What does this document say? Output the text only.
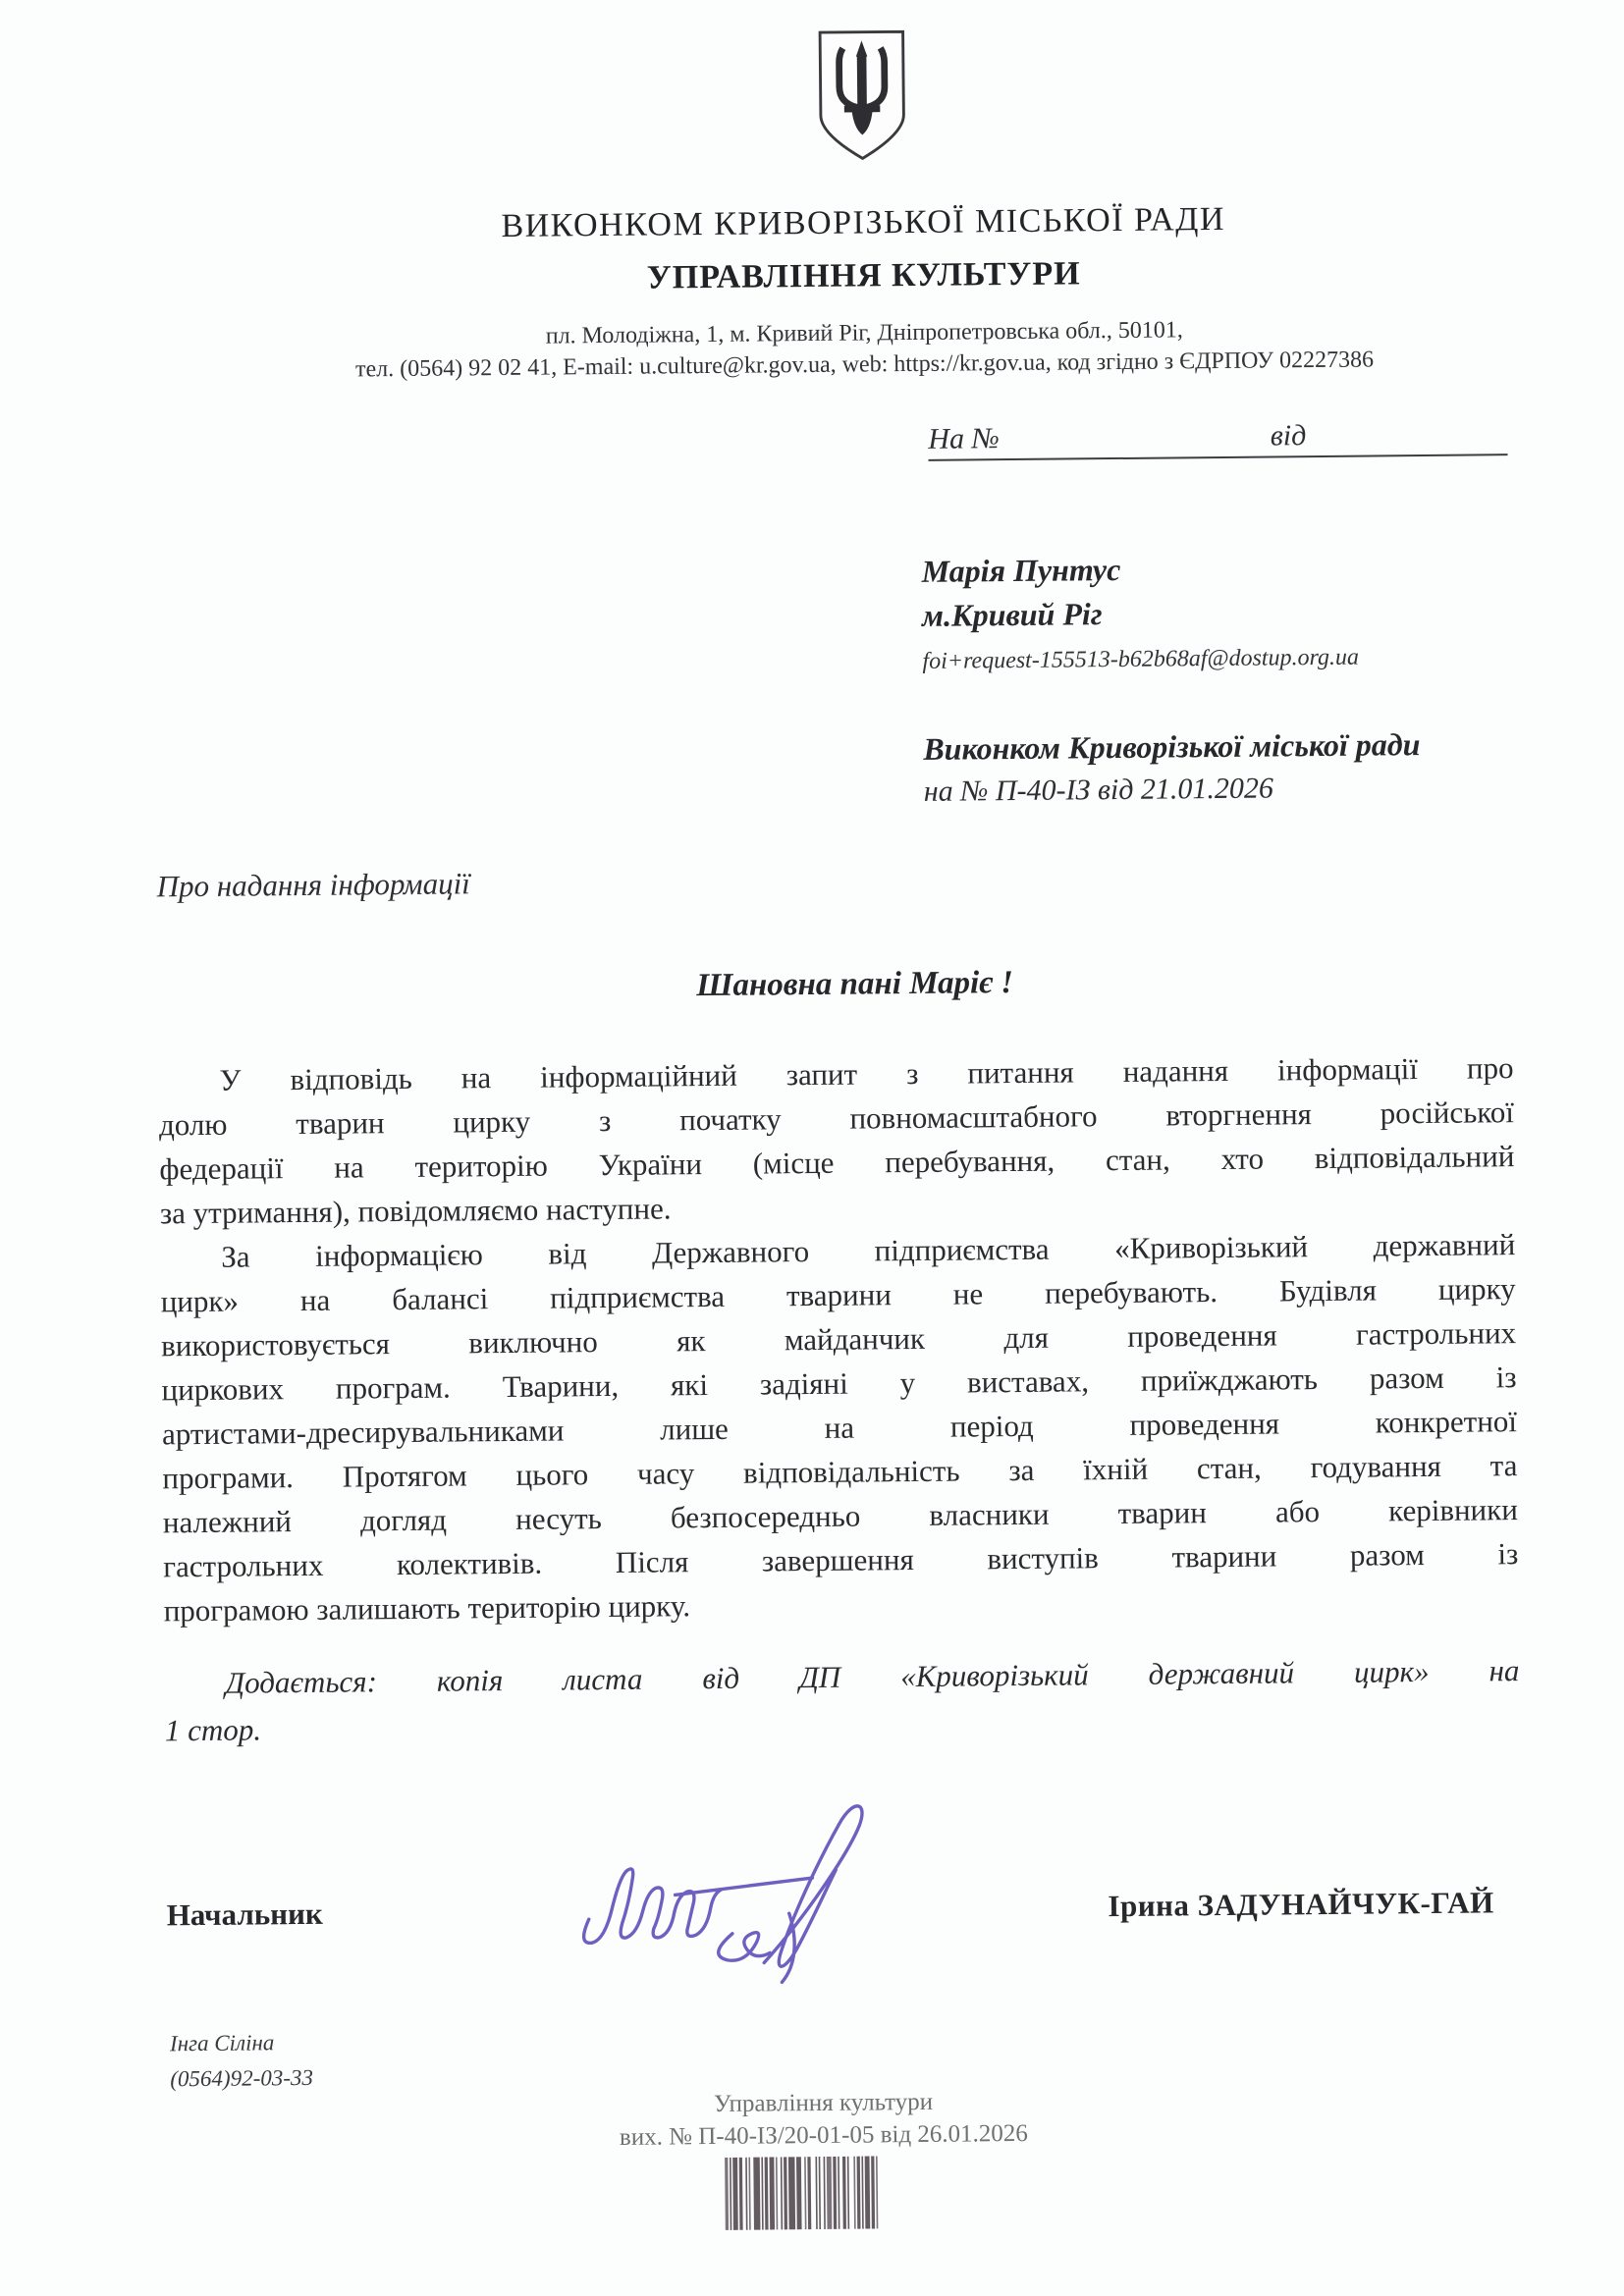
ВИКОНКОМ КРИВОРІЗЬКОЇ МІСЬКОЇ РАДИ
УПРАВЛІННЯ КУЛЬТУРИ
пл. Молодіжна, 1, м. Кривий Ріг, Дніпропетровська обл., 50101,
тел. (0564) 92 02 41, E-mail: u.culture@kr.gov.ua, web: https://kr.gov.ua, код згідно з ЄДРПОУ 02227386
На №	від
Марія Пунтус
м.Кривий Ріг
foi+request-155513-b62b68af@dostup.org.ua
Виконком Криворізької міської ради
на № П-40-ІЗ від 21.01.2026
Про надання інформації
Шановна пані Маріє !
У відповідь на інформаційний запит з питання надання інформації про
долю тварин цирку з початку повномасштабного вторгнення російської
федерації на територію України (місце перебування, стан, хто відповідальний
за утримання), повідомляємо наступне.
За інформацією від Державного підприємства «Криворізький державний
цирк» на балансі підприємства тварини не перебувають. Будівля цирку
використовується виключно як майданчик для проведення гастрольних
циркових програм. Тварини, які задіяні у виставах, приїжджають разом із
артистами-дресирувальниками лише на період проведення конкретної
програми. Протягом цього часу відповідальність за їхній стан, годування та
належний догляд несуть безпосередньо власники тварин або керівники
гастрольних колективів. Після завершення виступів тварини разом із
програмою залишають територію цирку.
Додається: копія листа від ДП «Криворізький державний цирк» на
1 стор.
Начальник	Ірина ЗАДУНАЙЧУК-ГАЙ
Інга Сіліна
(0564)92-03-33
Управління культури
вих. № П-40-ІЗ/20-01-05 від 26.01.2026
